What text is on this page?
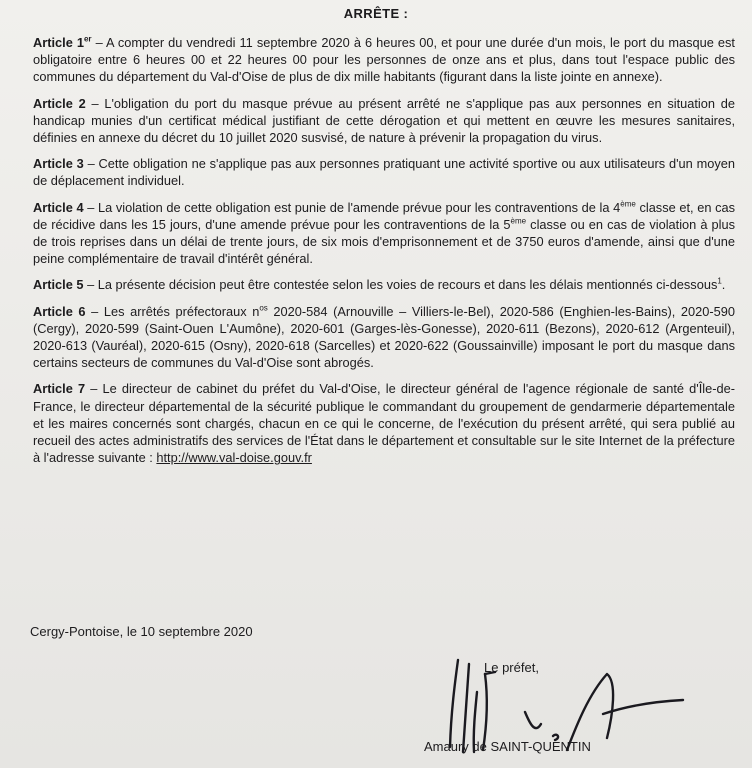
ARRÊTE :

Article 1er – A compter du vendredi 11 septembre 2020 à 6 heures 00, et pour une durée d'un mois, le port du masque est obligatoire entre 6 heures 00 et 22 heures 00 pour les personnes de onze ans et plus, dans tout l'espace public des communes du département du Val-d'Oise de plus de dix mille habitants (figurant dans la liste jointe en annexe).

Article 2 – L'obligation du port du masque prévue au présent arrêté ne s'applique pas aux personnes en situation de handicap munies d'un certificat médical justifiant de cette dérogation et qui mettent en œuvre les mesures sanitaires, définies en annexe du décret du 10 juillet 2020 susvisé, de nature à prévenir la propagation du virus.

Article 3 – Cette obligation ne s'applique pas aux personnes pratiquant une activité sportive ou aux utilisateurs d'un moyen de déplacement individuel.

Article 4 – La violation de cette obligation est punie de l'amende prévue pour les contraventions de la 4ème classe et, en cas de récidive dans les 15 jours, d'une amende prévue pour les contraventions de la 5ème classe ou en cas de violation à plus de trois reprises dans un délai de trente jours, de six mois d'emprisonnement et de 3750 euros d'amende, ainsi que d'une peine complémentaire de travail d'intérêt général.

Article 5 – La présente décision peut être contestée selon les voies de recours et dans les délais mentionnés ci-dessous$^1$.

Article 6 – Les arrêtés préfectoraux $n^{os}$ 2020-584 (Arnouville – Villiers-le-Bel), 2020-586 (Enghien-les-Bains), 2020-590 (Cergy), 2020-599 (Saint-Ouen L'Aumône), 2020-601 (Garges-lès-Gonesse), 2020-611 (Bezons), 2020-612 (Argenteuil), 2020-613 (Vauréal), 2020-615 (Osny), 2020-618 (Sarcelles) et 2020-622 (Goussainville) imposant le port du masque dans certains secteurs de communes du Val-d'Oise sont abrogés.

Article 7 – Le directeur de cabinet du préfet du Val-d'Oise, le directeur général de l'agence régionale de santé d'Île-de-France, le directeur départemental de la sécurité publique le commandant du groupement de gendarmerie départementale et les maires concernés sont chargés, chacun en ce qui le concerne, de l'exécution du présent arrêté, qui sera publié au recueil des actes administratifs des services de l'État dans le département et consultable sur le site Internet de la préfecture à l'adresse suivante : http://www.val-doise.gouv.fr

Cergy-Pontoise, le 10 septembre 2020
Le préfet,
Amaury de SAINT-QUENTIN
